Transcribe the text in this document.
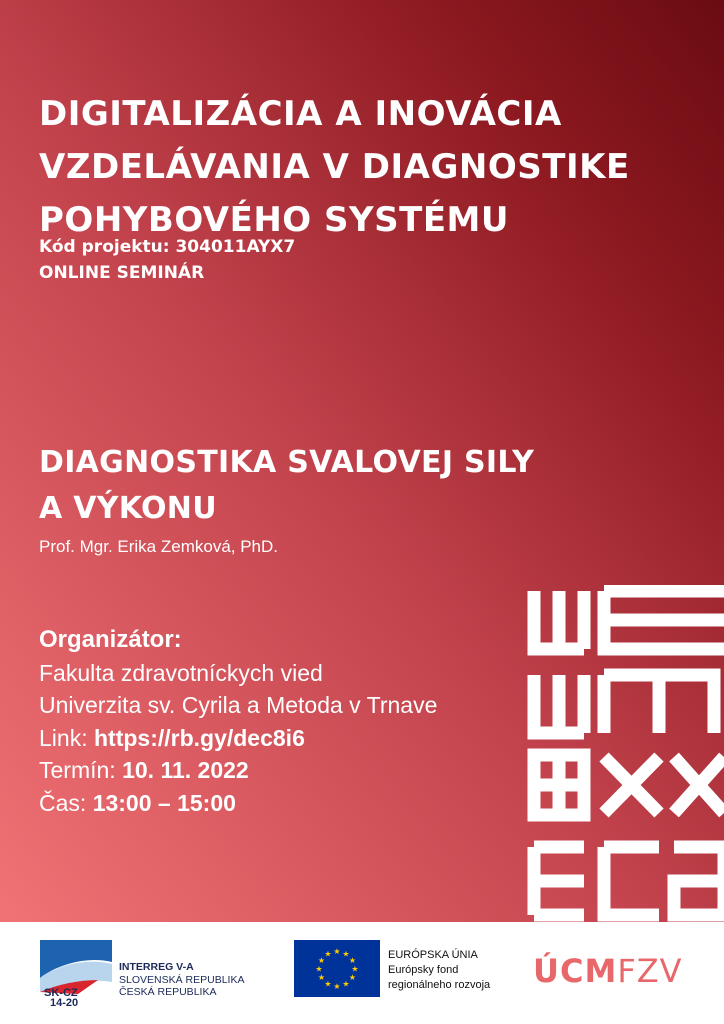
DIGITALIZÁCIA A INOVÁCIA
VZDELÁVANIA V DIAGNOSTIKE
POHYBOVÉHO SYSTÉMU
Kód projektu: 304011AYX7
ONLINE SEMINÁR
DIAGNOSTIKA SVALOVEJ SILY
A VÝKONU
Prof. Mgr. Erika Zemková, PhD.
Organizátor:
Fakulta zdravotníckych vied
Univerzita sv. Cyrila a Metoda v Trnave
Link: https://rb.gy/dec8i6
Termín: 10. 11. 2022
Čas: 13:00 – 15:00
SK-CZ
14-20
INTERREG V-A
SLOVENSKÁ REPUBLIKA
ČESKÁ REPUBLIKA
★ ★
★
★
★
★
★
★
★
★
★
★	EURÓPSKA ÚNIA
Európsky fond
regionálneho rozvoja ÚCMFZV
